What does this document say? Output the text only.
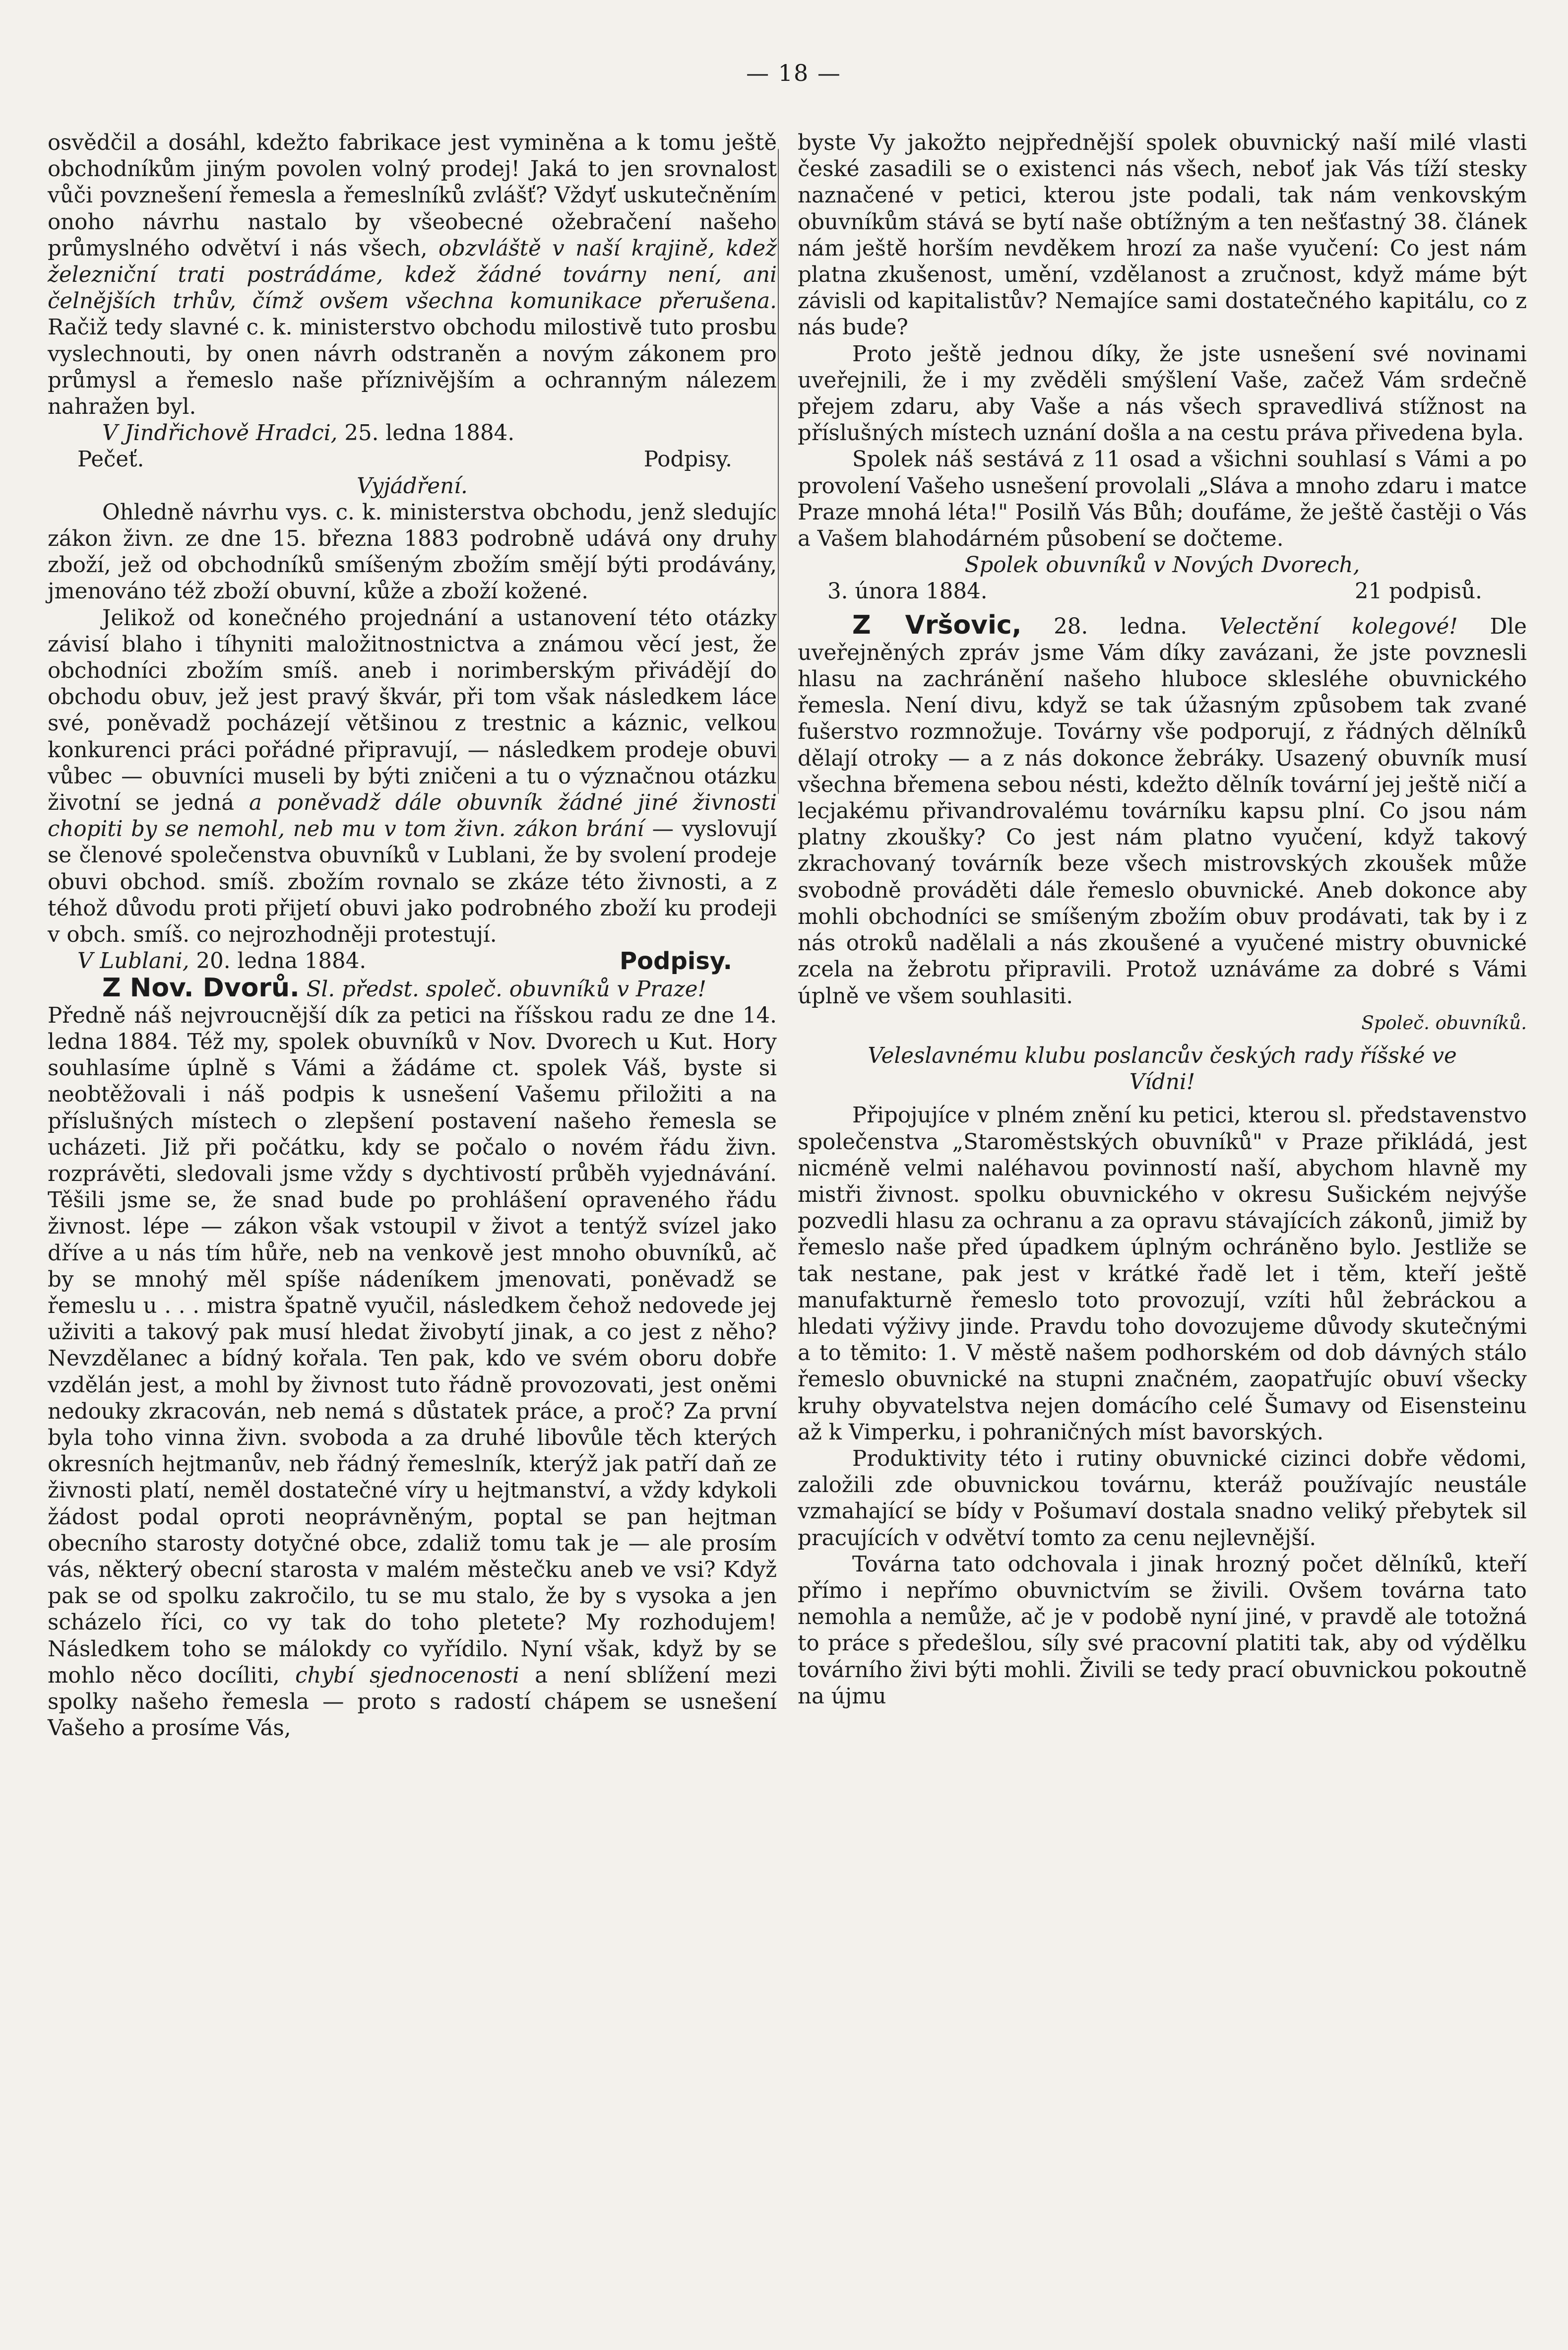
— 18 —

osvědčil a dosáhl, kdežto fabrikace jest vyminěna a k tomu ještě obchodníkům jiným povolen volný prodej! Jaká to jen srovnalost vůči povznešení řemesla a řemeslníků zvlášť? Vždyť uskutečněním onoho návrhu nastalo by všeobecné ožebračení našeho průmyslného odvětví i nás všech, obzvláště v naší krajině, kdež železniční trati postrádáme, kdež žádné továrny není, ani čelnějších trhův, čímž ovšem všechna komunikace přerušena. Račiž tedy slavné c. k. ministerstvo obchodu milostivě tuto prosbu vyslechnouti, by onen návrh odstraněn a novým zákonem pro průmysl a řemeslo naše příznivějším a ochranným nálezem nahražen byl.

V Jindřichově Hradci, 25. ledna 1884.

Pečeť.	Podpisy.

Vyjádření.

Ohledně návrhu vys. c. k. ministerstva obchodu, jenž sledujíc zákon živn. ze dne 15. března 1883 podrobně udává ony druhy zboží, jež od obchodníků smíšeným zbožím smějí býti prodávány, jmenováno též zboží obuvní, kůže a zboží kožené.

Jelikož od konečného projednání a ustanovení této otázky závisí blaho i tíhyniti maložitnostnictva a známou věcí jest, že obchodníci zbožím smíš. aneb i norimberským přivádějí do obchodu obuv, jež jest pravý škvár, při tom však následkem láce své, poněvadž pocházejí většinou z trestnic a káznic, velkou konkurenci práci pořádné připravují, — následkem prodeje obuvi vůbec — obuvníci museli by býti zničeni a tu o význačnou otázku životní se jedná a poněvadž dále obuvník žádné jiné živnosti chopiti by se nemohl, neb mu v tom živn. zákon brání — vyslovují se členové společenstva obuvníků v Lublani, že by svolení prodeje obuvi obchod. smíš. zbožím rovnalo se zkáze této živnosti, a z téhož důvodu proti přijetí obuvi jako podrobného zboží ku prodeji v obch. smíš. co nejrozhodněji protestují.

V Lublani, 20. ledna 1884.	Podpisy.

Z Nov. Dvorů. Sl. předst. společ. obuvníků v Praze!

Předně náš nejvroucnější dík za petici na říšskou radu ze dne 14. ledna 1884. Též my, spolek obuvníků v Nov. Dvorech u Kut. Hory souhlasíme úplně s Vámi a žádáme ct. spolek Váš, byste si neobtěžovali i náš podpis k usnešení Vašemu přiložiti a na příslušných místech o zlepšení postavení našeho řemesla se ucházeti. Již při počátku, kdy se počalo o novém řádu živn. rozprávěti, sledovali jsme vždy s dychtivostí průběh vyjednávání. Těšili jsme se, že snad bude po prohlášení opraveného řádu živnost. lépe — zákon však vstoupil v život a tentýž svízel jako dříve a u nás tím hůře, neb na venkově jest mnoho obuvníků, ač by se mnohý měl spíše nádeníkem jmenovati, poněvadž se řemeslu u . . . mistra špatně vyučil, následkem čehož nedovede jej uživiti a takový pak musí hledat živobytí jinak, a co jest z něho? Nevzdělanec a bídný kořala. Ten pak, kdo ve svém oboru dobře vzdělán jest, a mohl by živnost tuto řádně provozovati, jest oněmi nedouky zkracován, neb nemá s důstatek práce, a proč? Za první byla toho vinna živn. svoboda a za druhé libovůle těch kterých okresních hejtmanův, neb řádný řemeslník, kterýž jak patří daň ze živnosti platí, neměl dostatečné víry u hejtmanství, a vždy kdykoli žádost podal oproti neoprávněným, poptal se pan hejtman obecního starosty dotyčné obce, zdaliž tomu tak je — ale prosím vás, některý obecní starosta v malém městečku aneb ve vsi? Když pak se od spolku zakročilo, tu se mu stalo, že by s vysoka a jen scházelo říci, co vy tak do toho pletete? My rozhodujem! Následkem toho se málokdy co vyřídilo. Nyní však, když by se mohlo něco docíliti, chybí sjednocenosti a není sblížení mezi spolky našeho řemesla — proto s radostí chápem se usnešení Vašeho a prosíme Vás,

byste Vy jakožto nejpřednější spolek obuvnický naší milé vlasti české zasadili se o existenci nás všech, neboť jak Vás tíží stesky naznačené v petici, kterou jste podali, tak nám venkovským obuvníkům stává se bytí naše obtížným a ten nešťastný 38. článek nám ještě horším nevděkem hrozí za naše vyučení: Co jest nám platna zkušenost, umění, vzdělanost a zručnost, když máme být závisli od kapitalistův? Nemajíce sami dostatečného kapitálu, co z nás bude?

Proto ještě jednou díky, že jste usnešení své novinami uveřejnili, že i my zvěděli smýšlení Vaše, začež Vám srdečně přejem zdaru, aby Vaše a nás všech spravedlivá stížnost na příslušných místech uznání došla a na cestu práva přivedena byla.

Spolek náš sestává z 11 osad a všichni souhlasí s Vámi a po provolení Vašeho usnešení provolali „Sláva a mnoho zdaru i matce Praze mnohá léta!" Posilň Vás Bůh; doufáme, že ještě častěji o Vás a Vašem blahodárném působení se dočteme.

Spolek obuvníků v Nových Dvorech,

3. února 1884.	21 podpisů.

Z Vršovic, 28. ledna. Velectění kolegové! Dle uveřejněných zpráv jsme Vám díky zavázani, že jste povznesli hlasu na zachránění našeho hluboce sklesléhe obuvnického řemesla. Není divu, když se tak úžasným způsobem tak zvané fušerstvo rozmnožuje. Továrny vše podporují, z řádných dělníků dělají otroky — a z nás dokonce žebráky. Usazený obuvník musí všechna břemena sebou nésti, kdežto dělník tovární jej ještě ničí a lecjakému přivandrovalému továrníku kapsu plní. Co jsou nám platny zkoušky? Co jest nám platno vyučení, když takový zkrachovaný továrník beze všech mistrovských zkoušek může svobodně prováděti dále řemeslo obuvnické. Aneb dokonce aby mohli obchodníci se smíšeným zbožím obuv prodávati, tak by i z nás otroků nadělali a nás zkoušené a vyučené mistry obuvnické zcela na žebrotu připravili. Protož uznáváme za dobré s Vámi úplně ve všem souhlasiti.

Společ. obuvníků.

Veleslavnému klubu poslancův českých rady říšské ve Vídni!

Připojujíce v plném znění ku petici, kterou sl. představenstvo společenstva „Staroměstských obuvníků" v Praze přikládá, jest nicméně velmi naléhavou povinností naší, abychom hlavně my mistři živnost. spolku obuvnického v okresu Sušickém nejvýše pozvedli hlasu za ochranu a za opravu stávajících zákonů, jimiž by řemeslo naše před úpadkem úplným ochráněno bylo. Jestliže se tak nestane, pak jest v krátké řadě let i těm, kteří ještě manufakturně řemeslo toto provozují, vzíti hůl žebráckou a hledati výživy jinde. Pravdu toho dovozujeme důvody skutečnými a to těmito: 1. V městě našem podhorském od dob dávných stálo řemeslo obuvnické na stupni značném, zaopatřujíc obuví všecky kruhy obyvatelstva nejen domácího celé Šumavy od Eisensteinu až k Vimperku, i pohraničných míst bavorských.

Produktivity této i rutiny obuvnické cizinci dobře vědomi, založili zde obuvnickou továrnu, kteráž používajíc neustále vzmahající se bídy v Pošumaví dostala snadno veliký přebytek sil pracujících v odvětví tomto za cenu nejlevnější.

Továrna tato odchovala i jinak hrozný počet dělníků, kteří přímo i nepřímo obuvnictvím se živili. Ovšem továrna tato nemohla a nemůže, ač je v podobě nyní jiné, v pravdě ale totožná to práce s předešlou, síly své pracovní platiti tak, aby od výdělku továrního živi býti mohli. Živili se tedy prací obuvnickou pokoutně na újmu
